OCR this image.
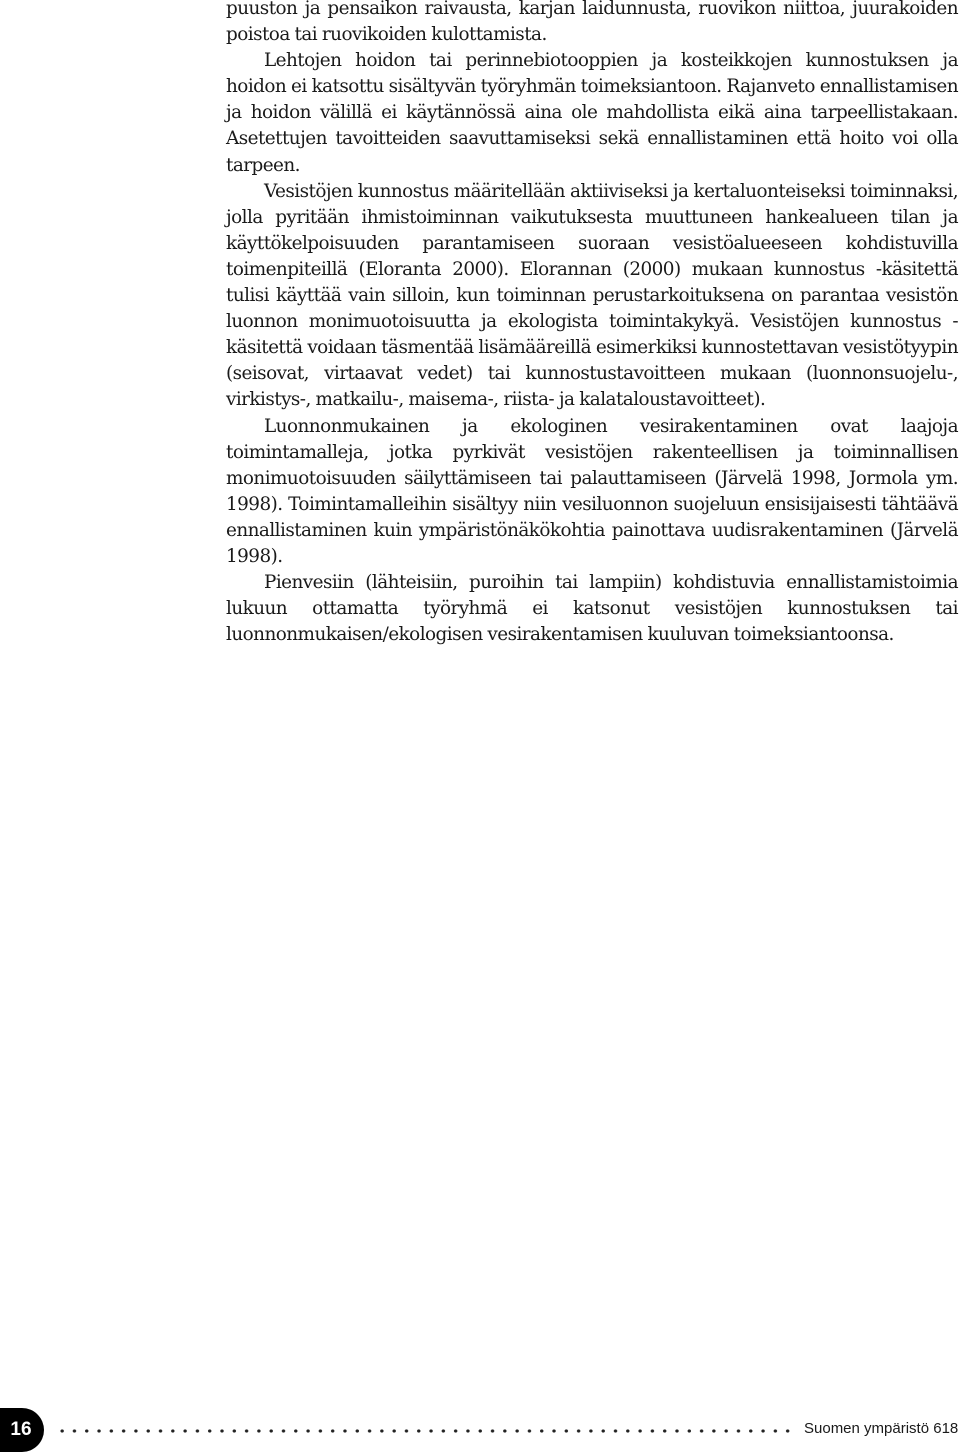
puuston ja pensaikon raivausta, karjan laidunnusta, ruovikon niittoa, juurakoiden poistoa tai ruovikoiden kulottamista.

Lehtojen hoidon tai perinnebiotooppien ja kosteikkojen kunnostuksen ja hoidon ei katsottu sisältyvän työryhmän toimeksiantoon. Rajanveto ennallistamisen ja hoidon välillä ei käytännössä aina ole mahdollista eikä aina tarpeellistakaan. Asetettujen tavoitteiden saavuttamiseksi sekä ennallistaminen että hoito voi olla tarpeen.

Vesistöjen kunnostus määritellään aktiiviseksi ja kertaluonteiseksi toiminnaksi, jolla pyritään ihmistoiminnan vaikutuksesta muuttuneen hankealueen tilan ja käyttökelpoisuuden parantamiseen suoraan vesistöalueeseen kohdistuvilla toimenpiteillä (Eloranta 2000). Elorannan (2000) mukaan kunnostus -käsitettä tulisi käyttää vain silloin, kun toiminnan perustarkoituksena on parantaa vesistön luonnon monimuotoisuutta ja ekologista toimintakykyä. Vesistöjen kunnostus -käsitettä voidaan täsmentää lisämääreillä esimerkiksi kunnostettavan vesistötyypin (seisovat, virtaavat vedet) tai kunnostustavoitteen mukaan (luonnonsuojelu-, virkistys-, matkailu-, maisema-, riista- ja kalataloustavoitteet).

Luonnonmukainen ja ekologinen vesirakentaminen ovat laajoja toimintamalleja, jotka pyrkivät vesistöjen rakenteellisen ja toiminnallisen monimuotoisuuden säilyttämiseen tai palauttamiseen (Järvelä 1998, Jormola ym. 1998). Toimintamalleihin sisältyy niin vesiluonnon suojeluun ensisijaisesti tähtäävä ennallistaminen kuin ympäristönäkökohtia painottava uudisrakentaminen (Järvelä 1998).

Pienvesiin (lähteisiin, puroihin tai lampiin) kohdistuvia ennallistamistoimia lukuun ottamatta työryhmä ei katsonut vesistöjen kunnostuksen tai luonnonmukaisen/ekologisen vesirakentamisen kuuluvan toimeksiantoonsa.

16	Suomen ympäristö 618
